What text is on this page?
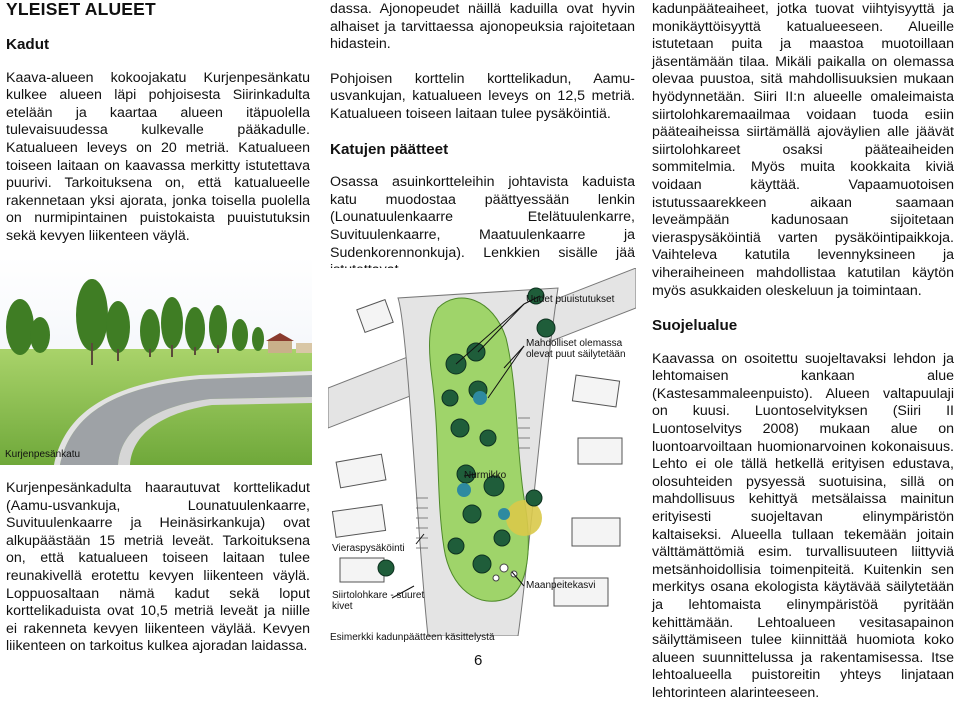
YLEISET ALUEET
Kadut

Kaava-alueen kokoojakatu Kurjenpesänkatu kulkee alueen läpi pohjoisesta Siirinkadulta etelään ja kaartaa alueen itäpuolella tulevaisuudessa kulkevalle pääkadulle. Katualueen leveys on 20 metriä. Katualueen toiseen laitaan on kaavassa merkitty istutettava puurivi. Tarkoituksena on, että katualueelle rakennetaan yksi ajorata, jonka toisella puolella on nurmipintainen puistokaista puuistutuksin sekä kevyen liikenteen väylä.

Kurjenpesänkatu

Kurjenpesänkadulta haarautuvat korttelikadut (Aamu-usvankuja, Lounatuulenkaarre, Suvituulenkaarre ja Heinäsirkankuja) ovat alkupäästään 15 metriä leveät. Tarkoituksena on, että katualueen toiseen laitaan tulee reunakivellä erotettu kevyen liikenteen väylä. Loppuosaltaan nämä kadut sekä loput korttelikaduista ovat 10,5 metriä leveät ja niille ei rakenneta kevyen liikenteen väylää. Kevyen liikenteen on tarkoitus kulkea ajoradan laidassa.

dassa. Ajonopeudet näillä kaduilla ovat hyvin alhaiset ja tarvittaessa ajonopeuksia rajoitetaan hidastein.

Pohjoisen korttelin korttelikadun, Aamu-usvankujan, katualueen leveys on 12,5 metriä. Katualueen toiseen laitaan tulee pysäköintiä.

Katujen päätteet

Osassa asuinkortteleihin johtavista kaduista katu muodostaa päättyessään lenkin (Lounatuulenkaarre Etelätuulenkarre, Suvituulenkaarre, Maatuulenkaarre ja Sudenkorennonkuja). Lenkkien sisälle jää

Uudet puuistutukset
Mahdolliset olemassa olevat puut säilytetään
Nurmikko
Vieraspysäköinti
Siirtolohkare - suuret kivet
Maanpeitekasvi
Esimerkki kadunpäätteen käsittelystä

kadunpääteaiheet, jotka tuovat viihtyisyyttä ja monikäyttöisyyttä katualueeseen. Alueille istutetaan puita ja maastoa muotoillaan jäsentämään tilaa. Mikäli paikalla on olemassa olevaa puustoa, sitä mahdollisuuksien mukaan hyödynnetään. Siiri II:n alueelle omaleimaista siirtolohkaremaailmaa voidaan tuoda esiin pääteaiheissa siirtämällä ajoväylien alle jäävät siirtolohkareet osaksi pääteaiheiden sommitelmia. Myös muita kookkaita kiviä voidaan käyttää. Vapaamuotoisen istutussaarekkeen aikaan saamaan leveämpään kadunosaan sijoitetaan vieraspysäköintiä varten pysäköintipaikkoja. Vaihteleva katutila levennyksineen ja viheraiheineen mahdollistaa katutilan käytön myös asukkaiden oleskeluun ja toimintaan.

Suojelualue

Kaavassa on osoitettu suojeltavaksi lehdon ja lehtomaisen kankaan alue (Kastesammaleenpuisto). Alueen valtapuulaji on kuusi. Luontoselvityksen (Siiri II Luontoselvitys 2008) mukaan alue on luontoarvoiltaan huomionarvoinen kokonaisuus. Lehto ei ole tällä hetkellä erityisen edustava, olosuhteiden pysyessä suotuisina, sillä on mahdollisuus kehittyä metsälaissa mainitun erityisesti suojeltavan elinympäristön kaltaiseksi. Alueella tullaan tekemään joitain välttämättömiä esim. turvallisuuteen liittyviä metsänhoidollisia toimenpiteitä. Kuitenkin sen merkitys osana ekologista käytävää säilytetään ja lehtomaista elinympäristöä pyritään kehittämään. Lehtoalueen vesitasapainon säilyttämiseen tulee kiinnittää huomiota koko alueen suunnittelussa ja rakentamisessa. Itse lehtoalueella puistoreitin yhteys linjataan lehtorinteen alarinteeseen.

6
